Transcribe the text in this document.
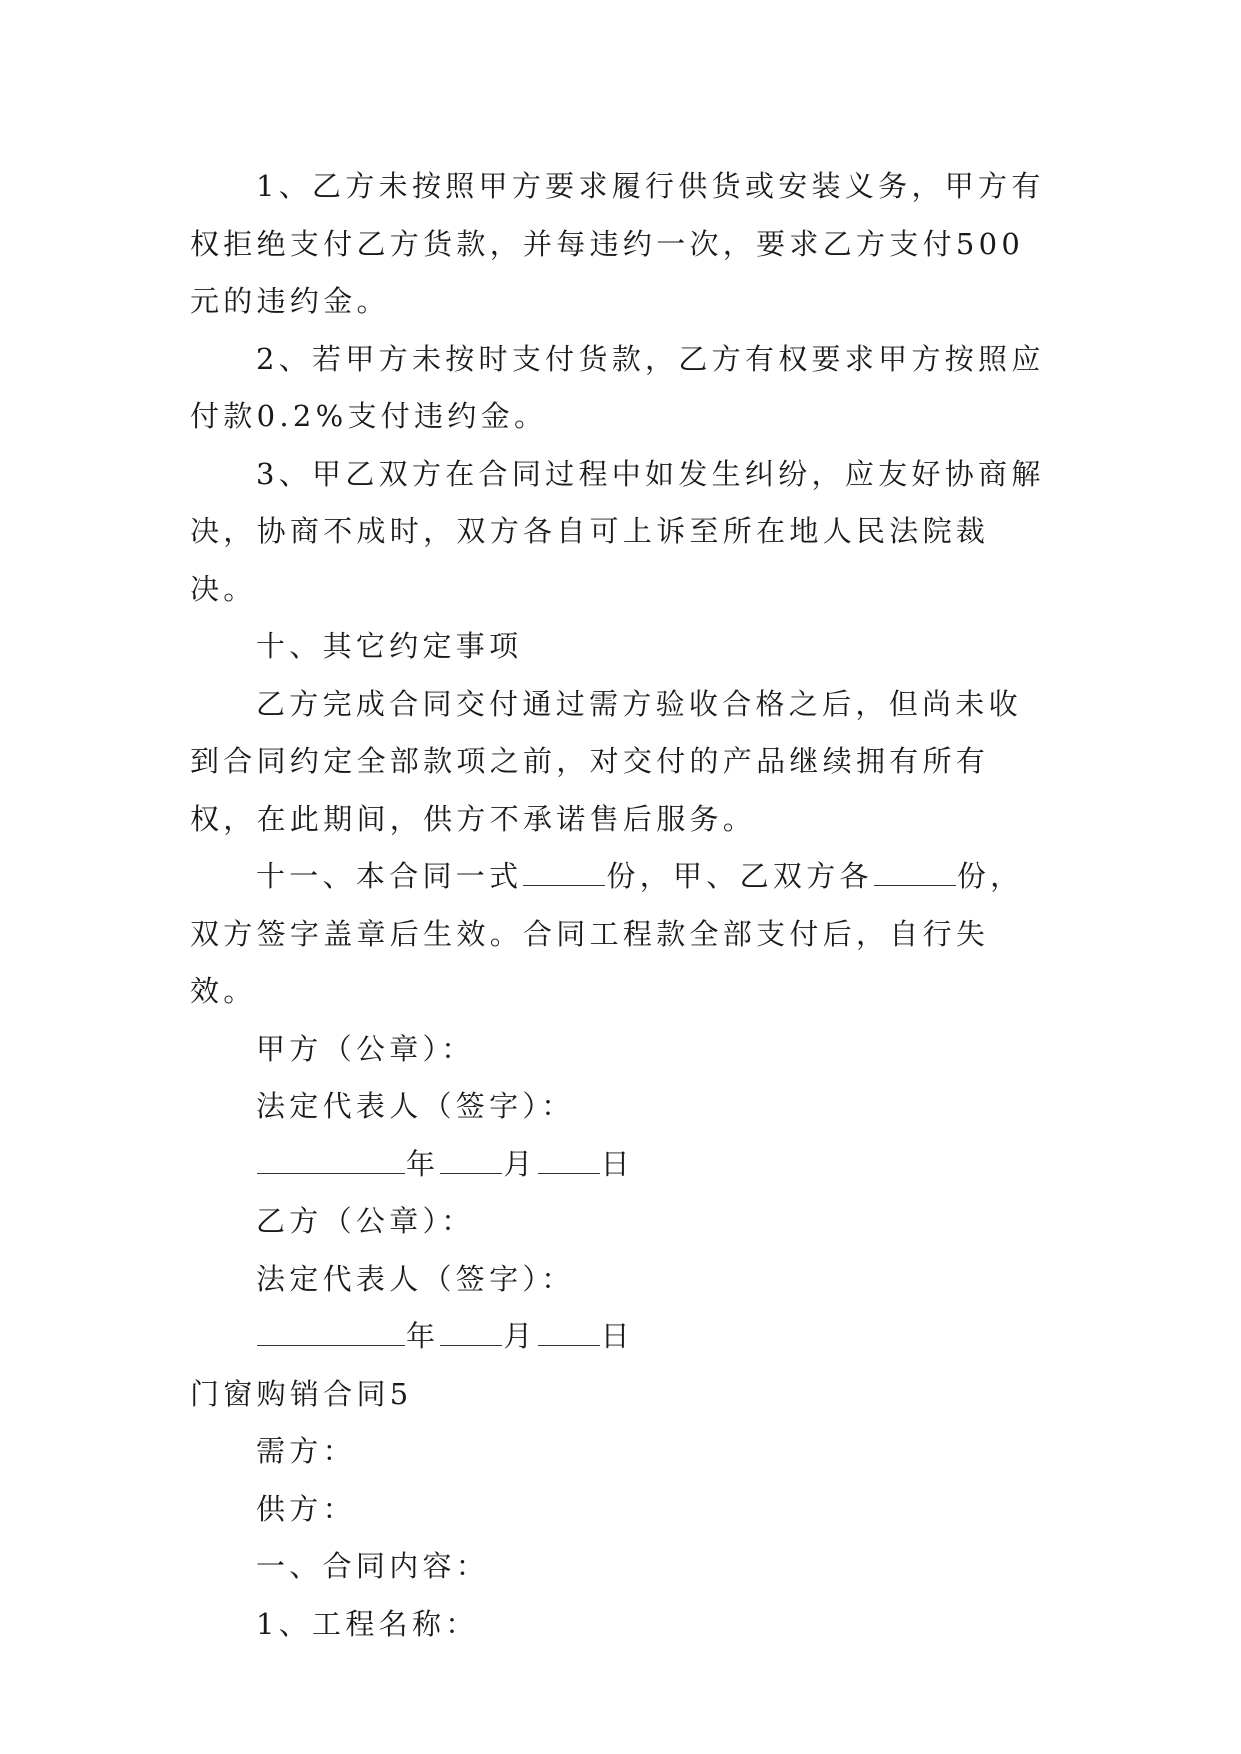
1、乙方未按照甲方要求履行供货或安装义务，甲方有权拒绝支付乙方货款，并每违约一次，要求乙方支付500元的违约金。

2、若甲方未按时支付货款，乙方有权要求甲方按照应付款0.2%支付违约金。

3、甲乙双方在合同过程中如发生纠纷，应友好协商解决，协商不成时，双方各自可上诉至所在地人民法院裁决。

十、其它约定事项

乙方完成合同交付通过需方验收合格之后，但尚未收到合同约定全部款项之前，对交付的产品继续拥有所有权，在此期间，供方不承诺售后服务。

十一、本合同一式	份，甲、乙双方各	份，双方签字盖章后生效。合同工程款全部支付后，自行失效。

甲方（公章）：

法定代表人（签字）：

年 月 日

乙方（公章）：

法定代表人（签字）：

年 月 日

门窗购销合同5

需方：

供方：

一、合同内容：

1、工程名称：
